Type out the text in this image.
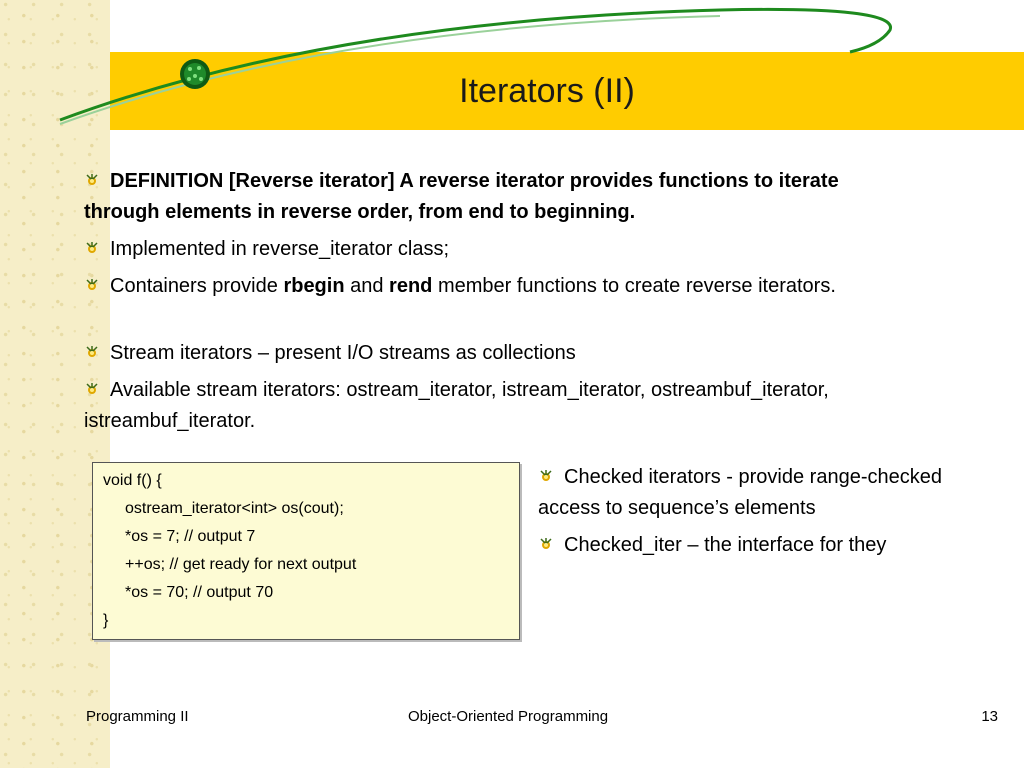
Iterators (II)
DEFINITION [Reverse iterator] A reverse iterator provides functions to iterate through elements in reverse order, from end to beginning.
Implemented in reverse_iterator class;
Containers provide rbegin and rend member functions to create reverse iterators.
Stream iterators – present I/O streams as collections
Available stream iterators: ostream_iterator, istream_iterator, ostreambuf_iterator, istreambuf_iterator.
void f() {
ostream_iterator<int> os(cout);
*os = 7; // output 7
++os; // get ready for next output
*os = 70; // output 70
}
Checked iterators - provide range-checked access to sequence’s elements
Checked_iter – the interface for they
Programming II	Object-Oriented Programming	13
